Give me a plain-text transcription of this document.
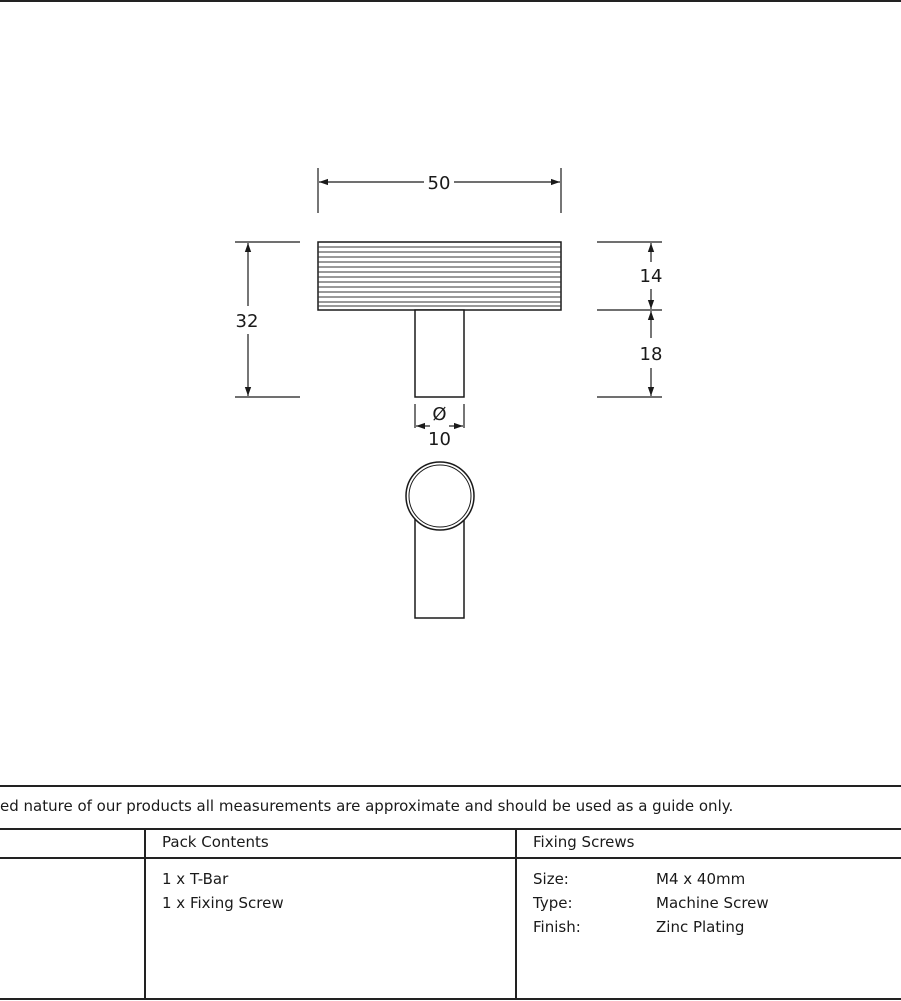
50
32
14
18
Ø
10
ed nature of our products all measurements are approximate and should be used as a guide only.
Pack Contents
1 x T-Bar
1 x Fixing Screw
Fixing Screws
Size:	M4 x 40mm
Type:	Machine Screw
Finish:	Zinc Plating
